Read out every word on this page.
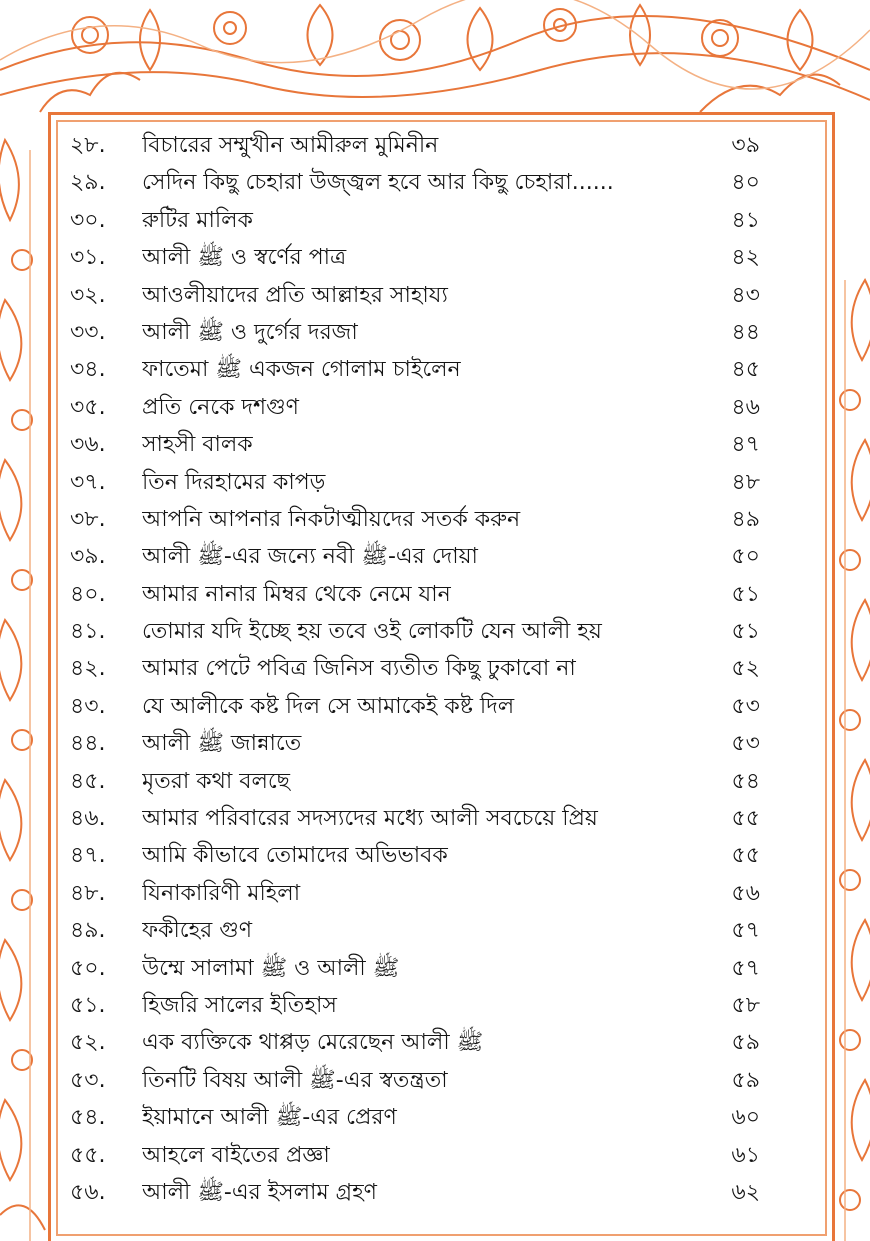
২৮.	বিচারের সম্মুখীন আমীরুল মুমিনীন	৩৯
২৯.	সেদিন কিছু চেহারা উজ্জ্বল হবে আর কিছু চেহারা......	৪০
৩০.	রুটির মালিক	৪১
৩১.	আলী ﷺ ও স্বর্ণের পাত্র	৪২
৩২.	আওলীয়াদের প্রতি আল্লাহর সাহায্য	৪৩
৩৩.	আলী ﷺ ও দুর্গের দরজা	৪৪
৩৪.	ফাতেমা ﷺ একজন গোলাম চাইলেন	৪৫
৩৫.	প্রতি নেকে দশগুণ	৪৬
৩৬.	সাহসী বালক	৪৭
৩৭.	তিন দিরহামের কাপড়	৪৮
৩৮.	আপনি আপনার নিকটাত্মীয়দের সতর্ক করুন	৪৯
৩৯.	আলী ﷺ-এর জন্যে নবী ﷺ-এর দোয়া	৫০
৪০.	আমার নানার মিম্বর থেকে নেমে যান	৫১
৪১.	তোমার যদি ইচ্ছে হয় তবে ওই লোকটি যেন আলী হয়	৫১
৪২.	আমার পেটে পবিত্র জিনিস ব্যতীত কিছু ঢুকাবো না	৫২
৪৩.	যে আলীকে কষ্ট দিল সে আমাকেই কষ্ট দিল	৫৩
৪৪.	আলী ﷺ জান্নাতে	৫৩
৪৫.	মৃতরা কথা বলছে	৫৪
৪৬.	আমার পরিবারের সদস্যদের মধ্যে আলী সবচেয়ে প্রিয়	৫৫
৪৭.	আমি কীভাবে তোমাদের অভিভাবক	৫৫
৪৮.	যিনাকারিণী মহিলা	৫৬
৪৯.	ফকীহের গুণ	৫৭
৫০.	উম্মে সালামা ﷺ ও আলী ﷺ	৫৭
৫১.	হিজরি সালের ইতিহাস	৫৮
৫২.	এক ব্যক্তিকে থাপ্পড় মেরেছেন আলী ﷺ	৫৯
৫৩.	তিনটি বিষয় আলী ﷺ-এর স্বতন্ত্রতা	৫৯
৫৪.	ইয়ামানে আলী ﷺ-এর প্রেরণ	৬০
৫৫.	আহলে বাইতের প্রজ্ঞা	৬১
৫৬.	আলী ﷺ-এর ইসলাম গ্রহণ	৬২
